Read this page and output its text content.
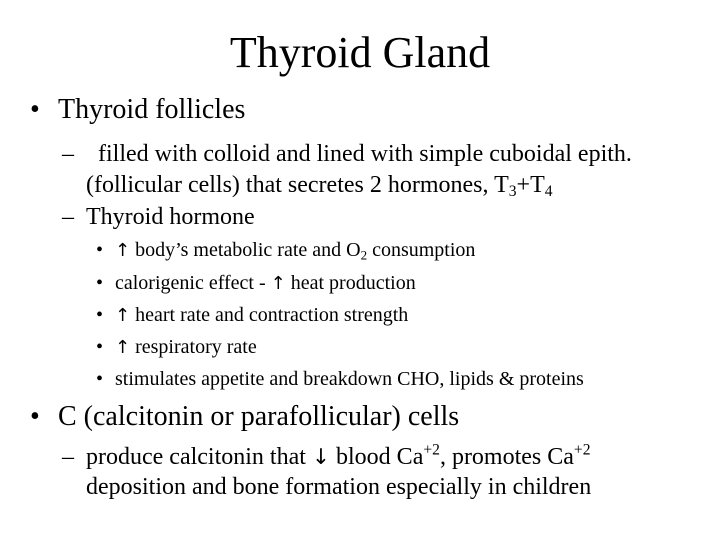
Thyroid Gland
• Thyroid follicles
– filled with colloid and lined with simple cuboidal epith.
(follicular cells) that secretes 2 hormones, $T_3+T_4$
– Thyroid hormone
• ↑ body’s metabolic rate and $O_2$ consumption
• calorigenic effect - ↑ heat production
• ↑ heart rate and contraction strength
• ↑ respiratory rate
• stimulates appetite and breakdown CHO, lipids & proteins
• C (calcitonin or parafollicular) cells
– produce calcitonin that ↓ blood $Ca^{+2}$, promotes $Ca^{+2}$
deposition and bone formation especially in children
